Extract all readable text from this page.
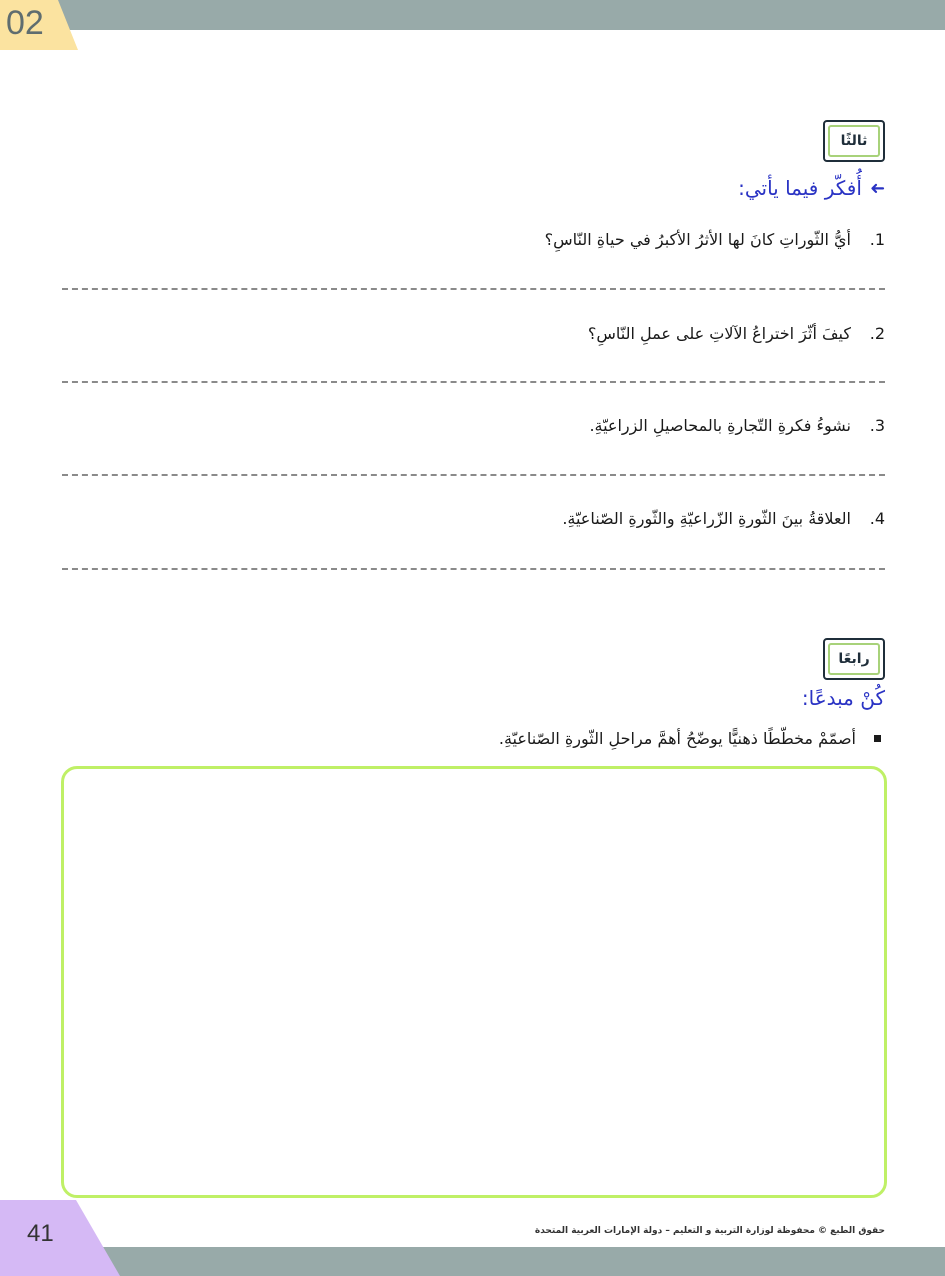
02
ثالثًا
➜
أُفكّر فيما يأتي:
1.
أيُّ الثّوراتِ كانَ لها الأثرُ الأكبرُ في حياةِ النّاسِ؟
2.
كيفَ أثّرَ اختراعُ الآلاتِ على عملِ النّاسِ؟
3.
نشوءُ فكرةِ التّجارةِ بالمحاصيلِ الزراعيّةِ.
4.
العلاقةُ بينَ الثّورةِ الزّراعيّةِ والثّورةِ الصّناعيّةِ.
رابعًا
كُنْ مبدعًا:
أصمّمْ مخطّطًا ذهنيًّا يوضّحُ أهمَّ مراحلِ الثّورةِ الصّناعيّةِ.
41	حقوق الطبع © محفوظة لوزارة التربية و التعليم – دولة الإمارات العربية المتحدة
